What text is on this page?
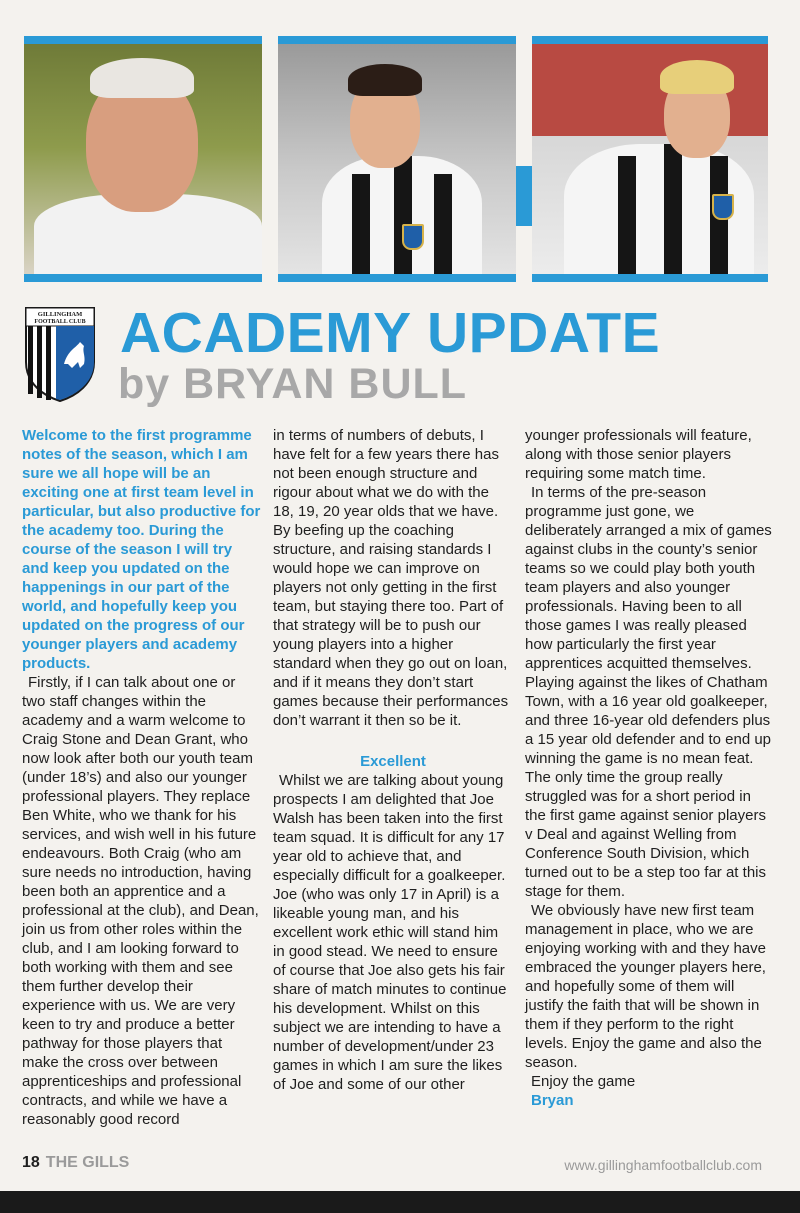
GILLINGHAM
FOOTBALL CLUB ACADEMY UPDATE
by BRYAN BULL

Welcome to the first programme notes of the season, which I am sure we all hope will be an exciting one at first team level in particular, but also productive for the academy too. During the course of the season I will try and keep you updated on the happenings in our part of the world, and hopefully keep you updated on the progress of our younger players and academy products.

Firstly, if I can talk about one or two staff changes within the academy and a warm welcome to Craig Stone and Dean Grant, who now look after both our youth team (under 18’s) and also our younger professional players. They replace Ben White, who we thank for his services, and wish well in his future endeavours. Both Craig (who am sure needs no introduction, having been both an apprentice and a professional at the club), and Dean, join us from other roles within the club, and I am looking forward to both working with them and see them further develop their experience with us. We are very keen to try and produce a better pathway for those players that make the cross over between apprenticeships and professional contracts, and while we have a reasonably good record

in terms of numbers of debuts, I have felt for a few years there has not been enough structure and rigour about what we do with the 18, 19, 20 year olds that we have. By beefing up the coaching structure, and raising standards I would hope we can improve on players not only getting in the first team, but staying there too. Part of that strategy will be to push our young players into a higher standard when they go out on loan, and if it means they don’t start games because their performances don’t warrant it then so be it.

Excellent

Whilst we are talking about young prospects I am delighted that Joe Walsh has been taken into the first team squad. It is difficult for any 17 year old to achieve that, and especially difficult for a goalkeeper. Joe (who was only 17 in April) is a likeable young man, and his excellent work ethic will stand him in good stead. We need to ensure of course that Joe also gets his fair share of match minutes to continue his development. Whilst on this subject we are intending to have a number of development/under 23 games in which I am sure the likes of Joe and some of our other

younger professionals will feature, along with those senior players requiring some match time.

In terms of the pre-season programme just gone, we deliberately arranged a mix of games against clubs in the county’s senior teams so we could play both youth team players and also younger professionals. Having been to all those games I was really pleased how particularly the first year apprentices acquitted themselves. Playing against the likes of Chatham Town, with a 16 year old goalkeeper, and three 16-year old defenders plus a 15 year old defender and to end up winning the game is no mean feat. The only time the group really struggled was for a short period in the first game against senior players v Deal and against Welling from Conference South Division, which turned out to be a step too far at this stage for them.

We obviously have new first team management in place, who we are enjoying working with and they have embraced the younger players here, and hopefully some of them will justify the faith that will be shown in them if they perform to the right levels. Enjoy the game and also the season.

Enjoy the game

Bryan

18 THE GILLS	www.gillinghamfootballclub.com
